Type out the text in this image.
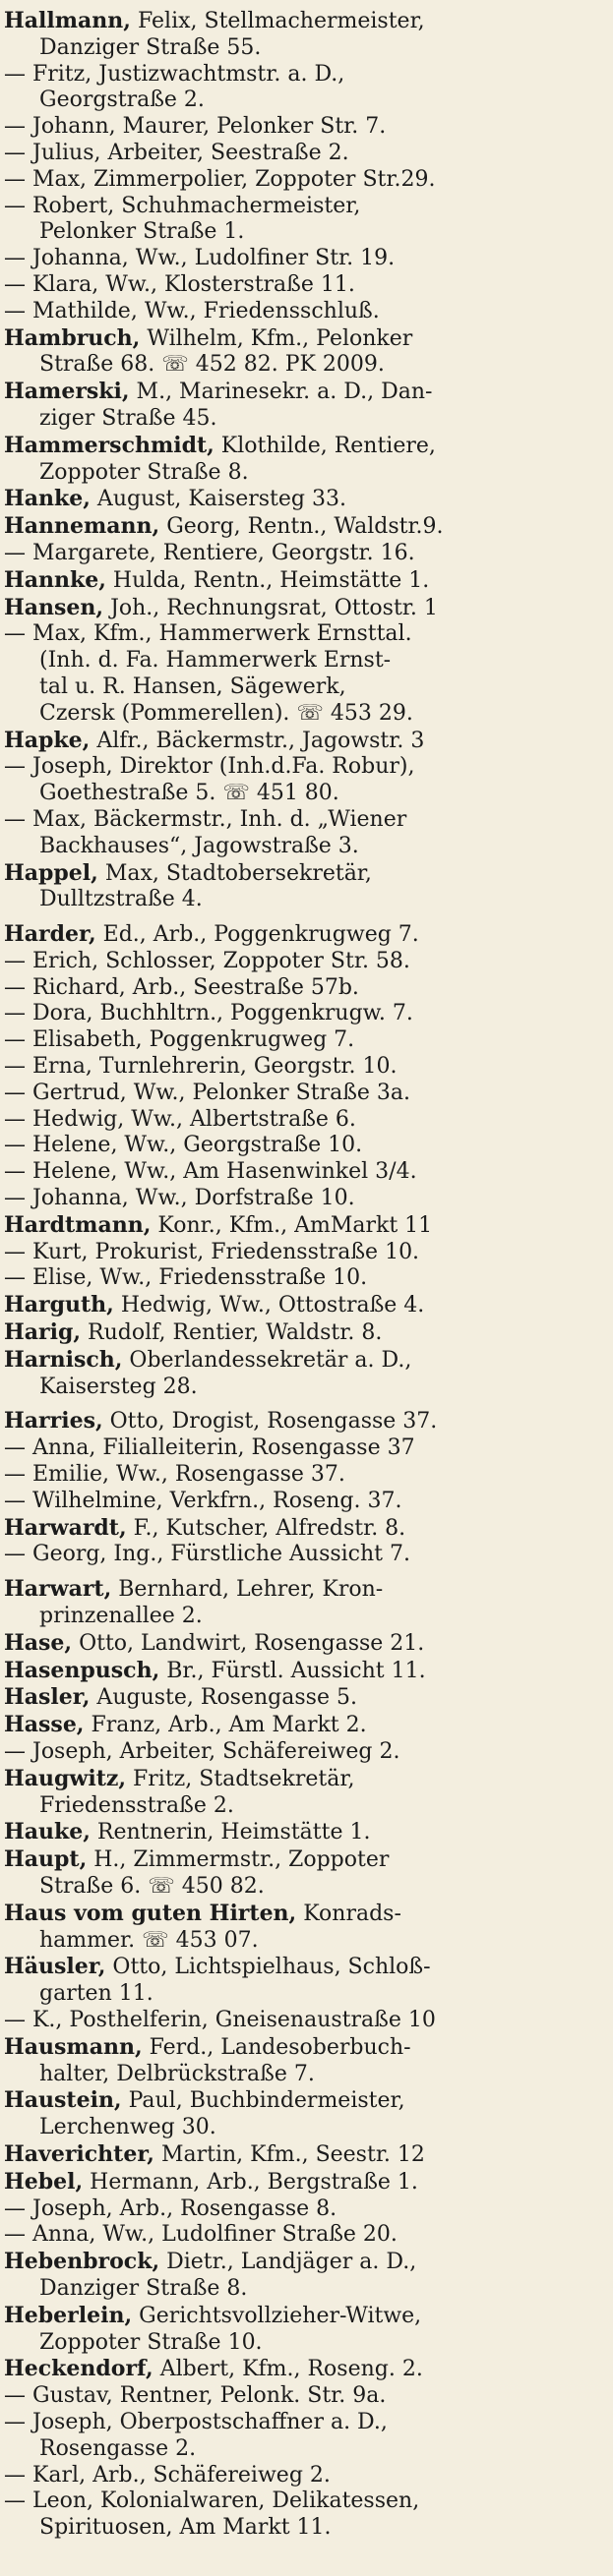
Hallmann, Felix, Stellmachermeister,
Danziger Straße 55.
— Fritz, Justizwachtmstr. a. D.,
Georgstraße 2.
— Johann, Maurer, Pelonker Str. 7.
— Julius, Arbeiter, Seestraße 2.
— Max, Zimmerpolier, Zoppoter Str.29.
— Robert, Schuhmachermeister,
Pelonker Straße 1.
— Johanna, Ww., Ludolfiner Str. 19.
— Klara, Ww., Klosterstraße 11.
— Mathilde, Ww., Friedensschluß.
Hambruch, Wilhelm, Kfm., Pelonker
Straße 68. ☏ 452 82. PK 2009.
Hamerski, M., Marinesekr. a. D., Dan-
ziger Straße 45.
Hammerschmidt, Klothilde, Rentiere,
Zoppoter Straße 8.
Hanke, August, Kaisersteg 33.
Hannemann, Georg, Rentn., Waldstr.9.
— Margarete, Rentiere, Georgstr. 16.
Hannke, Hulda, Rentn., Heimstätte 1.
Hansen, Joh., Rechnungsrat, Ottostr. 1
— Max, Kfm., Hammerwerk Ernsttal.
(Inh. d. Fa. Hammerwerk Ernst-
tal u. R. Hansen, Sägewerk,
Czersk (Pommerellen). ☏ 453 29.
Hapke, Alfr., Bäckermstr., Jagowstr. 3
— Joseph, Direktor (Inh.d.Fa. Robur),
Goethestraße 5. ☏ 451 80.
— Max, Bäckermstr., Inh. d. „Wiener
Backhauses“, Jagowstraße 3.
Happel, Max, Stadtobersekretär,
Dulltzstraße 4.
Harder, Ed., Arb., Poggenkrugweg 7.
— Erich, Schlosser, Zoppoter Str. 58.
— Richard, Arb., Seestraße 57b.
— Dora, Buchhltrn., Poggenkrugw. 7.
— Elisabeth, Poggenkrugweg 7.
— Erna, Turnlehrerin, Georgstr. 10.
— Gertrud, Ww., Pelonker Straße 3a.
— Hedwig, Ww., Albertstraße 6.
— Helene, Ww., Georgstraße 10.
— Helene, Ww., Am Hasenwinkel 3/4.
— Johanna, Ww., Dorfstraße 10.
Hardtmann, Konr., Kfm., AmMarkt 11
— Kurt, Prokurist, Friedensstraße 10.
— Elise, Ww., Friedensstraße 10.
Harguth, Hedwig, Ww., Ottostraße 4.
Harig, Rudolf, Rentier, Waldstr. 8.
Harnisch, Oberlandessekretär a. D.,
Kaisersteg 28.
Harries, Otto, Drogist, Rosengasse 37.
— Anna, Filialleiterin, Rosengasse 37
— Emilie, Ww., Rosengasse 37.
— Wilhelmine, Verkfrn., Roseng. 37.
Harwardt, F., Kutscher, Alfredstr. 8.
— Georg, Ing., Fürstliche Aussicht 7.
Harwart, Bernhard, Lehrer, Kron-
prinzenallee 2.
Hase, Otto, Landwirt, Rosengasse 21.
Hasenpusch, Br., Fürstl. Aussicht 11.
Hasler, Auguste, Rosengasse 5.
Hasse, Franz, Arb., Am Markt 2.
— Joseph, Arbeiter, Schäfereiweg 2.
Haugwitz, Fritz, Stadtsekretär,
Friedensstraße 2.
Hauke, Rentnerin, Heimstätte 1.
Haupt, H., Zimmermstr., Zoppoter
Straße 6. ☏ 450 82.
Haus vom guten Hirten, Konrads-
hammer. ☏ 453 07.
Häusler, Otto, Lichtspielhaus, Schloß-
garten 11.
— K., Posthelferin, Gneisenaustraße 10
Hausmann, Ferd., Landesoberbuch-
halter, Delbrückstraße 7.
Haustein, Paul, Buchbindermeister,
Lerchenweg 30.
Haverichter, Martin, Kfm., Seestr. 12
Hebel, Hermann, Arb., Bergstraße 1.
— Joseph, Arb., Rosengasse 8.
— Anna, Ww., Ludolfiner Straße 20.
Hebenbrock, Dietr., Landjäger a. D.,
Danziger Straße 8.
Heberlein, Gerichtsvollzieher-Witwe,
Zoppoter Straße 10.
Heckendorf, Albert, Kfm., Roseng. 2.
— Gustav, Rentner, Pelonk. Str. 9a.
— Joseph, Oberpostschaffner a. D.,
Rosengasse 2.
— Karl, Arb., Schäfereiweg 2.
— Leon, Kolonialwaren, Delikatessen,
Spirituosen, Am Markt 11.
